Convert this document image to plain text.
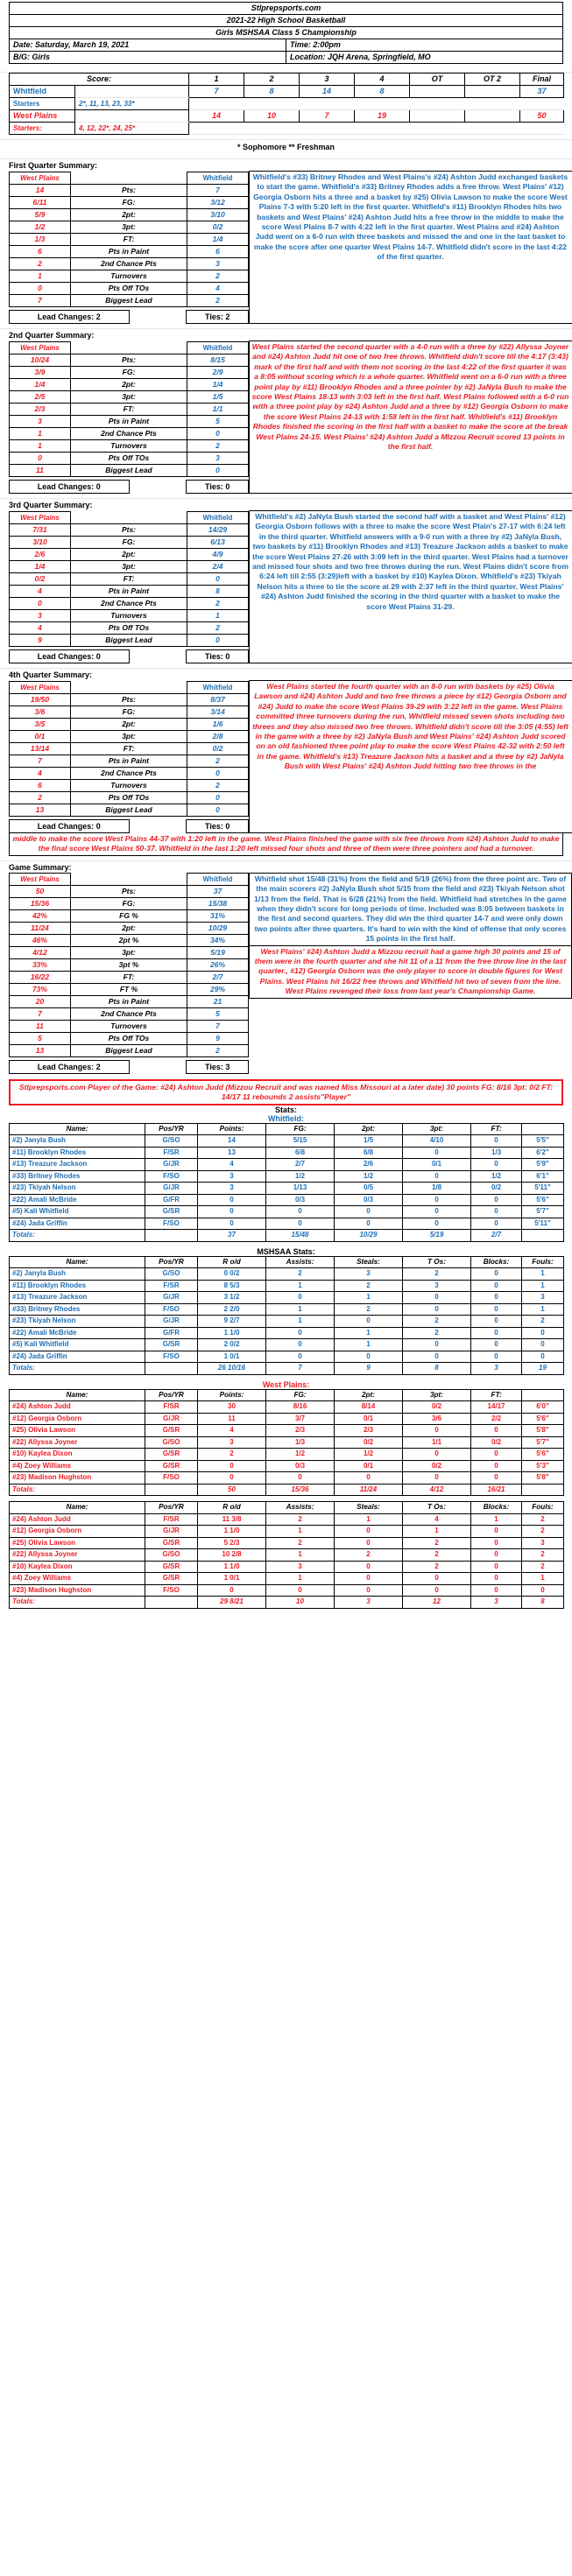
Stlprepsports.com	
2021-22 High School Basketball	
Girls MSHSAA Class 5 Championship	
Date: Saturday, March 19, 2021	Time: 2:00pm
B/G: Girls	Location: JQH Arena, Springfield, MO
Score:		1	2	3	4	OT	OT 2	Final
Whitfield		7	8	14	8			37
Starters	2*, 11, 13, 23, 33*							
West Plains		14	10	7	19			50
Starters:	4, 12, 22*, 24, 25*							
* Sophomore ** Freshman
First Quarter Summary:
West Plains		Whitfield
14	Pts:	7
6/11	FG:	3/12
5/9	2pt:	3/10
1/2	3pt:	0/2
1/3	FT:	1/4
6	Pts in Paint	6
2	2nd Chance Pts	3
1	Turnovers	2
0	Pts Off TOs	4
7	Biggest Lead	2
Lead Changes: 2		Ties: 2
	Whitfield's #33) Britney Rhodes and West Plains's #24) Ashton Judd exchanged baskets to start the game. Whitfield's #33) Britney Rhodes adds a free throw. West Plains' #12) Georgia Osborn hits a three and a basket by #25) Olivia Lawson to make the score West Plains 7-3 with 5:20 left in the first quarter. Whitfield's #11) Brooklyn Rhodes hits two baskets and West Plains' #24) Ashton Judd hits a free throw in the middle to make the score West Plains 8-7 with 4:22 left in the first quarter. West Plains and #24) Ashton Judd went on a 6-0 run with three baskets and missed the and one in the last basket to make the score after one quarter West Plains 14-7. Whitfield didn't score in the last 4:22 of the first quarter.
2nd Quarter Summary:
West Plains		Whitfield
10/24	Pts:	8/15
3/9	FG:	2/9
1/4	2pt:	1/4
2/5	3pt:	1/5
2/3	FT:	1/1
3	Pts in Paint	5
1	2nd Chance Pts	0
1	Turnovers	2
0	Pts Off TOs	3
11	Biggest Lead	0
Lead Changes: 0		Ties: 0
	West Plains started the second quarter with a 4-0 run with a three by #22) Allyssa Joyner and #24) Ashton Judd hit one of two free throws. Whitfield didn't score till the 4:17 (3:43) mark of the first half and with them not scoring in the last 4:22 of the first quarter it was a 8:05 without scoring which is a whole quarter. Whitfield went on a 6-0 run with a three point play by #11) Brooklyn Rhodes and a three pointer by #2) JaNyla Bush to make the score West Plains 18-13 with 3:03 left in the first half. West Plains followed with a 6-0 run with a three point play by #24) Ashton Judd and a three by #12) Georgia Osborn to make the score West Plains 24-13 with 1:58 left in the first half. Whitfield's #11) Brooklyn Rhodes finished the scoring in the first half with a basket to make the score at the break West Plains 24-15. West Plains' #24) Ashton Judd a MIzzou Recruit scored 13 points in the first half.
3rd Quarter Summary:
West Plains		Whitfield
7/31	Pts:	14/29
3/10	FG:	6/13
2/6	2pt:	4/9
1/4	3pt:	2/4
0/2	FT:	0
4	Pts in Paint	8
0	2nd Chance Pts	2
3	Turnovers	1
4	Pts Off TOs	2
9	Biggest Lead	0
Lead Changes: 0		Ties: 0
	Whitfield's #2) JaNyla Bush started the second half with a basket and West Plains' #12) Georgia Osborn follows with a three to make the score West Plain's 27-17 with 6:24 left in the third quarter. Whitfield answers with a 9-0 run with a three by #2) JaNyla Bush, two baskets by #11) Brooklyn Rhodes and #13) Treazure Jackson adds a basket to make the score West Plains 27-26 with 3:09 left in the third quarter. West Plains had a turnover and missed four shots and two free throws during the run. West Plains didn't score from 6:24 left till 2:55 (3:29)left with a basket by #10) Kaylea Dixon. Whitfield's #23) Tkiyah Nelson hits a three to tie the score at 29 with 2:37 left in the third quarter. West Plains' #24) Ashton Judd finished the scoring in the third quarter with a basket to make the score West Plains 31-29.
4th Quarter Summary:
West Plains		Whitfield
19/50	Pts:	8/37
3/6	FG:	3/14
3/5	2pt:	1/6
0/1	3pt:	2/8
13/14	FT:	0/2
7	Pts in Paint	2
4	2nd Chance Pts	0
6	Turnovers	2
2	Pts Off TOs	0
13	Biggest Lead	0
Lead Changes: 0		Ties: 0
	West Plains started the fourth quarter with an 8-0 run with baskets by #25) Olivia Lawson and #24) Ashton Judd and two free throws a piece by #12) Georgia Osborn and #24) Judd to make the score West Plains 39-29 with 3:22 left in the game. West Plains committed three turnovers during the run, Whitfield missed seven shots including two threes and they also missed two free throws. Whitfield didn't score till the 3:05 (4:55) left in the game with a three by #2) JaNyla Bush and West Plains' #24) Ashton Judd scored on an old fashioned three point play to make the score West Plains 42-32 with 2:50 left in the game. Whitfield's #13) Treazure Jackson hits a basket and a three by #2) JaNyla Bush with West Plains' #24) Ashton Judd hitting two free throws in the
middle to make the score West Plains 44-37 with 1:20 left in the game. West Plains finished the game with six free throws from #24) Ashton Judd to make the final score West Plains 50-37. Whitfield in the last 1:20 left missed four shots and three of them were three pointers and had a turnover.
Game Summary:
West Plains		Whitfield
50	Pts:	37
15/36	FG:	15/38
42%	FG %	31%
11/24	2pt:	10/29
46%	2pt %	34%
4/12	3pt:	5/19
33%	3pt %	26%
16/22	FT:	2/7
73%	FT %	29%
20	Pts in Paint	21
7	2nd Chance Pts	5
11	Turnovers	7
5	Pts Off TOs	9
13	Biggest Lead	2
Lead Changes: 2		Ties: 3

Whitfield shot 15/48 (31%) from the field and 5/19 (26%) from the three point arc. Two of the main scorers #2) JaNyla Bush shot 5/15 from the field and #23) Tkiyah Nelson shot 1/13 from the field. That is 6/28 (21%) from the field. Whitfield had stretches in the game when they didn't score for long periods of time. Included was 8:05 between baskets in the first and second quarters. They did win the third quarter 14-7 and were only down two points after three quarters. It's hard to win with the kind of offense that only scores 15 points in the first half.
West Plains' #24) Ashton Judd a Mizzou recruit had a game high 30 points and 15 of them were in the fourth quarter and she hit 11 of a 11 from the free throw line in the last quarter., #12) Georgia Osborn was the only player to score in double figures for West Plains. West Plains hit 16/22 free throws and Whitfield hit two of seven from the line. West Plains revenged their loss from last year's Championship Game.
Stlprepsports.com Player of the Game: #24) Ashton Judd (Mizzou Recruit and was named Miss Missouri at a later date) 30 points FG: 8/16 3pt: 0/2 FT: 14/17 11 rebounds 2 assists"Player"
Stats:
Whitfield:
Name:	Pos/YR	Points:	FG:	2pt:	3pt:	FT:	
#2) Janyla Bush	G/SO	14	5/15	1/5	4/10	0	5'5"
#11) Brooklyn Rhodes	F/SR	13	6/8	6/8	0	1/3	6'2"
#13) Treazure Jackson	G/JR	4	2/7	2/6	0/1	0	5'9"
#33) Britney Rhodes	F/SO	3	1/2	1/2	0	1/2	6'1"
#23) Tkiyah Nelson	G/JR	3	1/13	0/5	1/8	0/2	5'11"
#22) Amali McBride	G/FR	0	0/3	0/3	0	0	5'6"
#5) Kali Whitfield	G/SR	0	0	0	0	0	5'7"
#24) Jada Griffin	F/SO	0	0	0	0	0	5'11"
Totals:		37	15/48	10/29	5/19	2/7	
MSHSAA Stats:
Name:	Pos/YR	R o/d	Assists:	Steals:	T Os:	Blocks:	Fouls:
#2) Janyla Bush	G/SO	0 0/2	2	3	2	0	1
#11) Brooklyn Rhodes	F/SR	8 5/3	1	2	3	0	1
#13) Treazure Jackson	G/JR	3 1/2	0	1	0	0	3
#33) Britney Rhodes	F/SO	2 2/0	1	2	0	0	1
#23) Tkiyah Nelson	G/JR	9 2/7	1	0	2	0	2
#22) Amali McBride	G/FR	1 1/0	0	1	2	0	0
#5) Kali Whitfield	G/SR	2 0/2	0	1	0	0	0
#24) Jada Griffin	F/SO	1 0/1	0	0	0	0	0
Totals:		26 10/16	7	9	8	3	19
West Plains:
Name:	Pos/YR	Points:	FG:	2pt:	3pt:	FT:	
#24) Ashton Judd	F/SR	30	8/16	8/14	0/2	14/17	6'0"
#12) Georgia Osborn	G/JR	11	3/7	0/1	3/6	2/2	5'6"
#25) Olivia Lawson	G/SR	4	2/3	2/3	0	0	5'8"
#22) Allyssa Joyner	G/SO	3	1/3	0/2	1/1	0/2	5'7"
#10) Kaylea Dixon	G/SR	2	1/2	1/2	0	0	5'6"
#4) Zoey Williams	G/SR	0	0/3	0/1	0/2	0	5'3"
#23) Madison Hughston	F/SO	0	0	0	0	0	5'8"
Totals:		50	15/36	11/24	4/12	16/21	
Name:	Pos/YR	R o/d	Assists:	Steals:	T Os:	Blocks:	Fouls:
#24) Ashton Judd	F/SR	11 3/8	2	1	4	1	2
#12) Georgia Osborn	G/JR	1 1/0	1	0	1	0	2
#25) Olivia Lawson	G/SR	5 2/3	2	0	2	0	3
#22) Allyssa Joyner	G/SO	10 2/8	1	2	2	0	2
#10) Kaylea Dixon	G/SR	1 1/0	3	0	2	0	2
#4) Zoey Williams	G/SR	1 0/1	1	0	0	0	1
#23) Madison Hughston	F/SO	0	0	0	0	0	0
Totals:		29 8/21	10	3	12	3	8
